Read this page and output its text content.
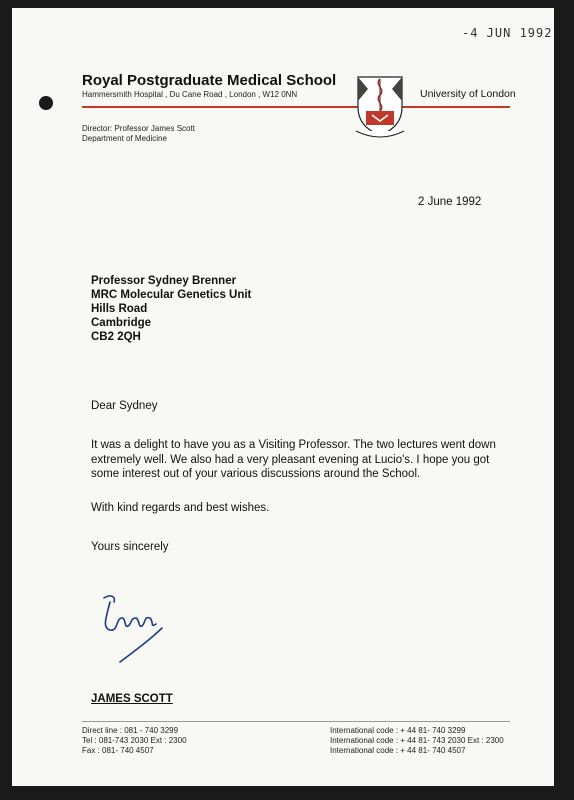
-4 JUN 1992
Royal Postgraduate Medical School
Hammersmith Hospital , Du Cane Road , London , W12 0NN	University of London
Director: Professor James Scott
Department of Medicine
2 June 1992
Professor Sydney Brenner
MRC Molecular Genetics Unit
Hills Road
Cambridge
CB2 2QH
Dear Sydney
It was a delight to have you as a Visiting Professor. The two lectures went down extremely well. We also had a very pleasant evening at Lucio's. I hope you got some interest out of your various discussions around the School.
With kind regards and best wishes.
Yours sincerely
JAMES SCOTT
Direct line : 081 - 740 3299
Tel : 081-743 2030 Ext : 2300
Fax : 081- 740 4507
International code : + 44 81- 740 3299
International code : + 44 81- 743 2030 Ext : 2300
International code : + 44 81- 740 4507
